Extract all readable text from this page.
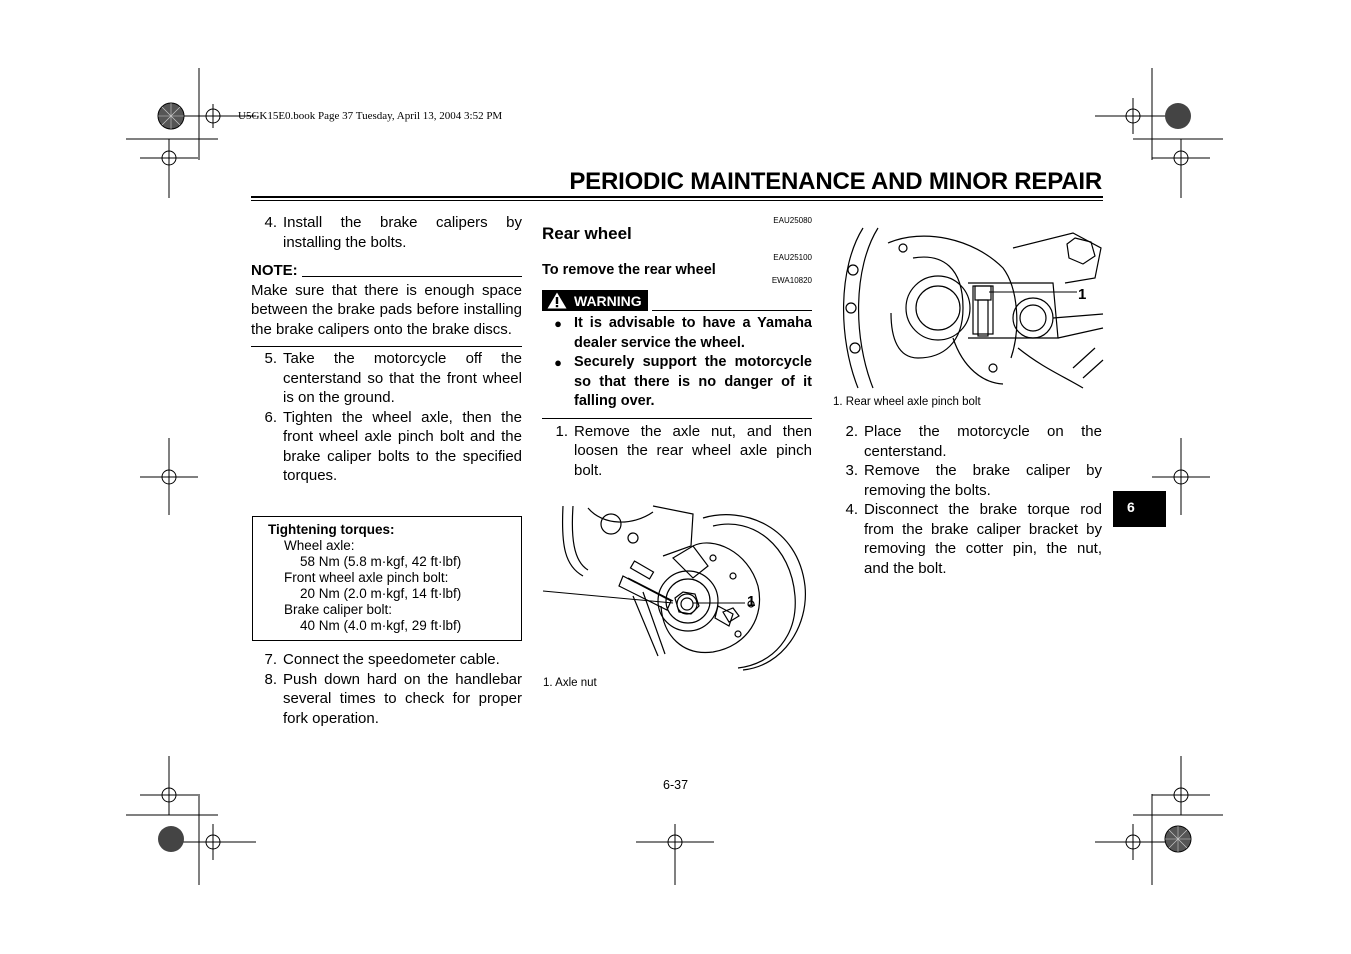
U5GK15E0.book Page 37 Tuesday, April 13, 2004 3:52 PM
PERIODIC MAINTENANCE AND MINOR REPAIR
4. Install the brake calipers by installing the bolts.
NOTE:
Make sure that there is enough space between the brake pads before installing the brake calipers onto the brake discs.
5. Take the motorcycle off the centerstand so that the front wheel is on the ground.
6. Tighten the wheel axle, then the front wheel axle pinch bolt and the brake caliper bolts to the specified torques.
Tightening torques:
Wheel axle:
58 Nm (5.8 m·kgf, 42 ft·lbf)
Front wheel axle pinch bolt:
20 Nm (2.0 m·kgf, 14 ft·lbf)
Brake caliper bolt:
40 Nm (4.0 m·kgf, 29 ft·lbf)
7. Connect the speedometer cable.
8. Push down hard on the handlebar several times to check for proper fork operation.
EAU25080
Rear wheel
EAU25100
To remove the rear wheel
EWA10820
WARNING
● It is advisable to have a Yamaha dealer service the wheel.
● Securely support the motorcycle so that there is no danger of it falling over.
1. Remove the axle nut, and then loosen the rear wheel axle pinch bolt.
1
1. Axle nut
1
1. Rear wheel axle pinch bolt
2. Place the motorcycle on the centerstand.
3. Remove the brake caliper by removing the bolts.
4. Disconnect the brake torque rod from the brake caliper bracket by removing the cotter pin, the nut, and the bolt.
6
6-37
